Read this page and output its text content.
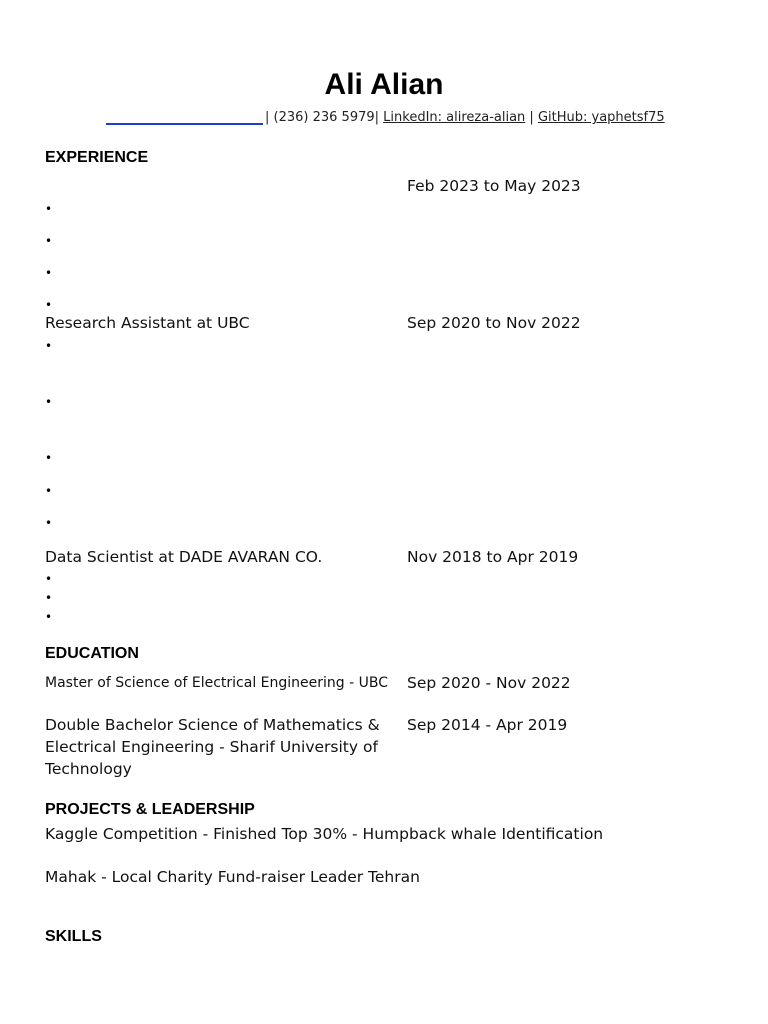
Ali Alian
| (236) 236 5979| LinkedIn: alireza-alian | GitHub: yaphetsf75
EXPERIENCE
Feb 2023 to May 2023
•
•
•
•
Research Assistant at UBC	Sep 2020 to Nov 2022
•
•
•
•
•
Data Scientist at DADE AVARAN CO.	Nov 2018 to Apr 2019
•
•
•
EDUCATION
Master of Science of Electrical Engineering - UBC Sep 2020 - Nov 2022
Double Bachelor Science of Mathematics & Electrical Engineering - Sharif University of Technology
Sep 2014 - Apr 2019
PROJECTS & LEADERSHIP
Kaggle Competition - Finished Top 30% - Humpback whale Identification
Mahak - Local Charity Fund-raiser Leader Tehran
SKILLS
